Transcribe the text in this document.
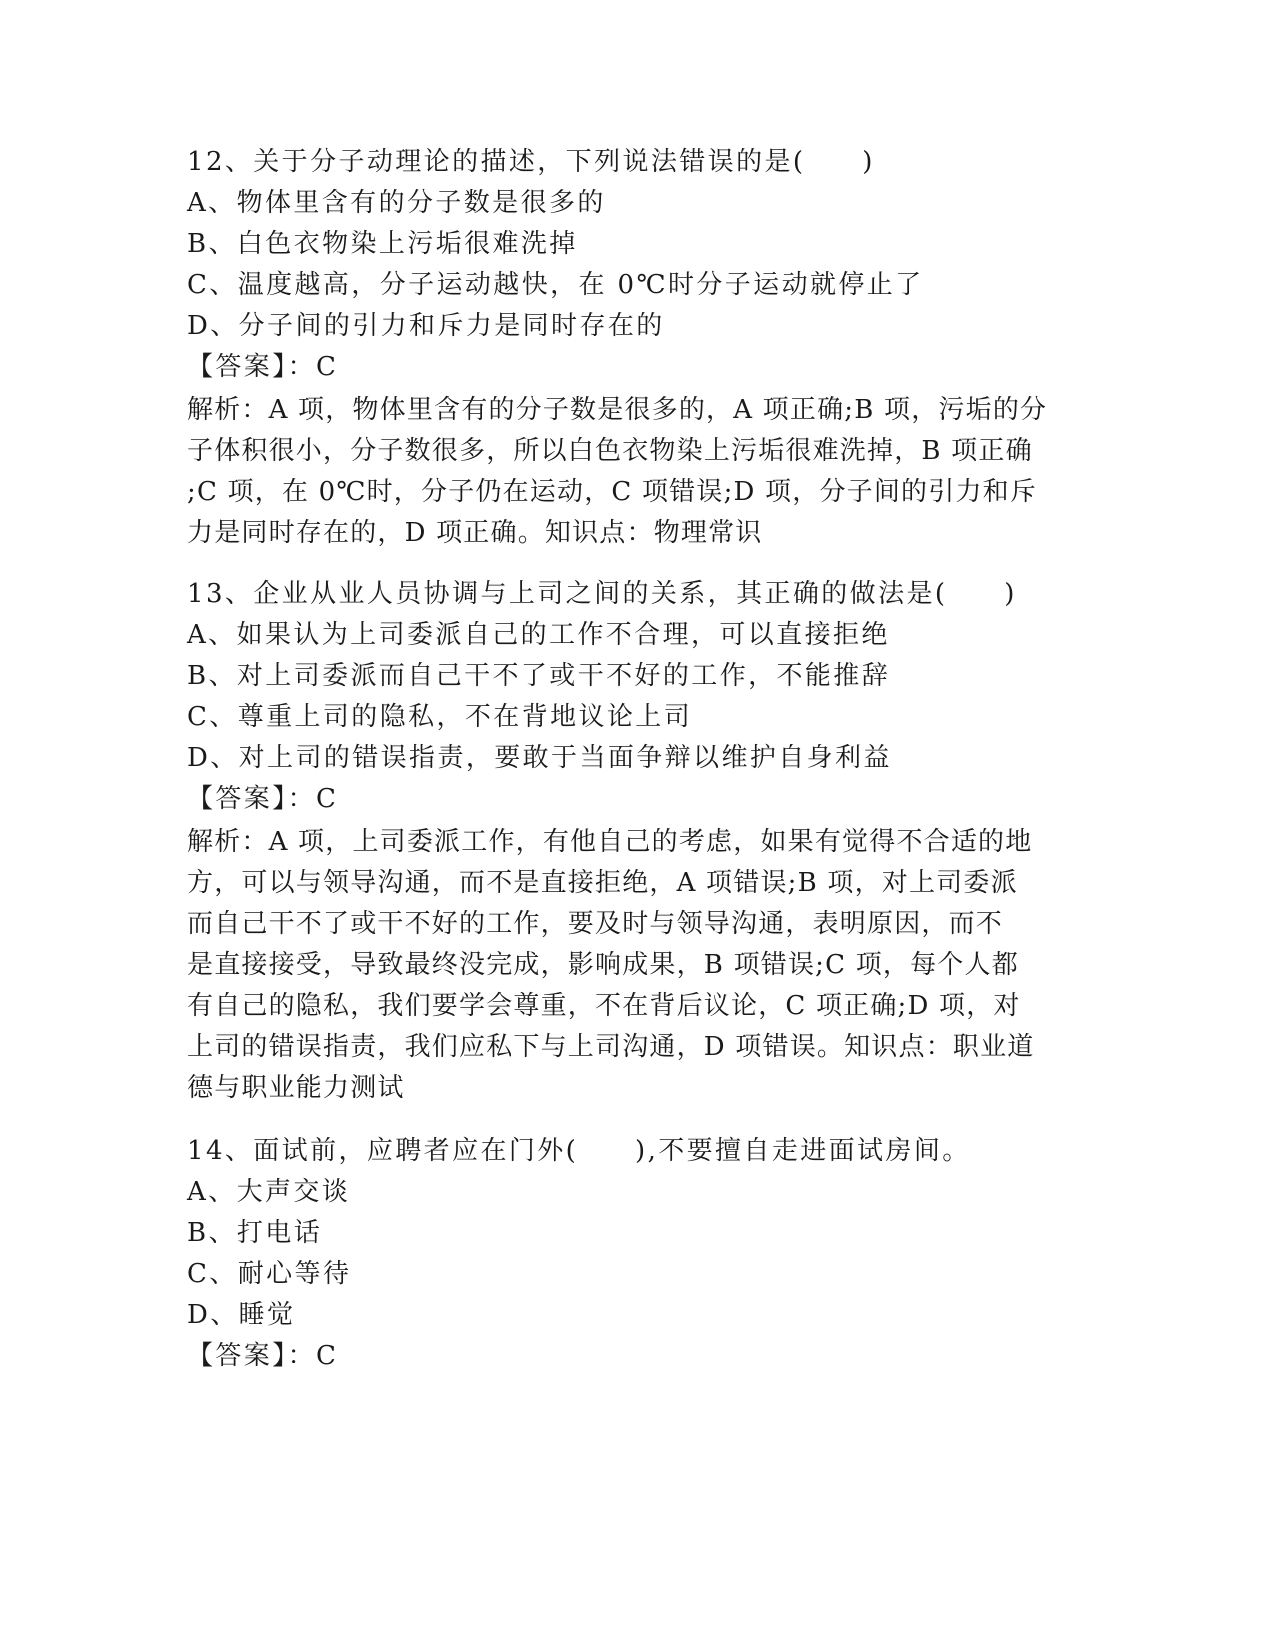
12、关于分子动理论的描述，下列说法错误的是(　　)
A、物体里含有的分子数是很多的
B、白色衣物染上污垢很难洗掉
C、温度越高，分子运动越快，在 0℃时分子运动就停止了
D、分子间的引力和斥力是同时存在的
【答案】：C
解析：A 项，物体里含有的分子数是很多的，A 项正确;B 项，污垢的分
子体积很小，分子数很多，所以白色衣物染上污垢很难洗掉，B 项正确
;C 项，在 0℃时，分子仍在运动，C 项错误;D 项，分子间的引力和斥
力是同时存在的，D 项正确。知识点：物理常识
13、企业从业人员协调与上司之间的关系，其正确的做法是(　　)
A、如果认为上司委派自己的工作不合理，可以直接拒绝
B、对上司委派而自己干不了或干不好的工作，不能推辞
C、尊重上司的隐私，不在背地议论上司
D、对上司的错误指责，要敢于当面争辩以维护自身利益
【答案】：C
解析：A 项，上司委派工作，有他自己的考虑，如果有觉得不合适的地
方，可以与领导沟通，而不是直接拒绝，A 项错误;B 项，对上司委派
而自己干不了或干不好的工作，要及时与领导沟通，表明原因，而不
是直接接受，导致最终没完成，影响成果，B 项错误;C 项，每个人都
有自己的隐私，我们要学会尊重，不在背后议论，C 项正确;D 项，对
上司的错误指责，我们应私下与上司沟通，D 项错误。知识点：职业道
德与职业能力测试
14、面试前，应聘者应在门外(　　),不要擅自走进面试房间。
A、大声交谈
B、打电话
C、耐心等待
D、睡觉
【答案】：C
